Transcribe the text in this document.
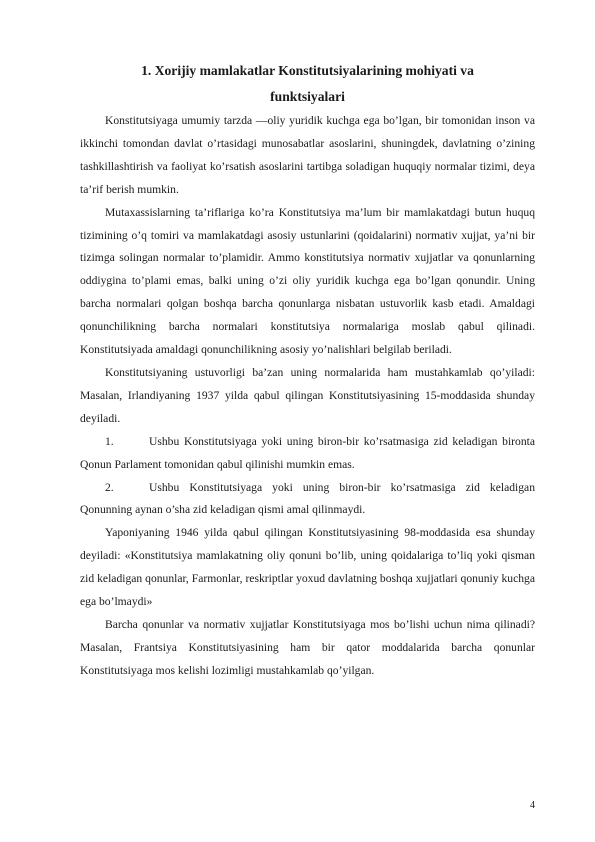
1. Xorijiy mamlakatlar Konstitutsiyalarining mohiyati va

funktsiyalari

Konstitutsiyaga umumiy tarzda ―oliy yuridik kuchga ega bo’lgan, bir tomonidan inson va ikkinchi tomondan davlat o’rtasidagi munosabatlar asoslarini, shuningdek, davlatning o’zining tashkillashtirish va faoliyat ko’rsatish asoslarini tartibga soladigan huquqiy normalar tizimi, deya ta’rif berish mumkin.

Mutaxassislarning ta’riflariga ko’ra Konstitutsiya ma’lum bir mamlakatdagi butun huquq tizimining o’q tomiri va mamlakatdagi asosiy ustunlarini (qoidalarini) normativ xujjat, ya’ni bir tizimga solingan normalar to’plamidir. Ammo konstitutsiya normativ xujjatlar va qonunlarning oddiygina to’plami emas, balki uning o’zi oliy yuridik kuchga ega bo’lgan qonundir. Uning barcha normalari qolgan boshqa barcha qonunlarga nisbatan ustuvorlik kasb etadi. Amaldagi qonunchilikning barcha normalari konstitutsiya normalariga moslab qabul qilinadi. Konstitutsiyada amaldagi qonunchilikning asosiy yo’nalishlari belgilab beriladi.

Konstitutsiyaning ustuvorligi ba’zan uning normalarida ham mustahkamlab qo’yiladi: Masalan, Irlandiyaning 1937 yilda qabul qilingan Konstitutsiyasining 15-moddasida shunday deyiladi.

1.	Ushbu Konstitutsiyaga yoki uning biron-bir ko’rsatmasiga zid keladigan bironta Qonun Parlament tomonidan qabul qilinishi mumkin emas.

2.	Ushbu Konstitutsiyaga yoki uning biron-bir ko’rsatmasiga zid keladigan Qonunning aynan o’sha zid keladigan qismi amal qilinmaydi.

Yaponiyaning 1946 yilda qabul qilingan Konstitutsiyasining 98-moddasida esa shunday deyiladi: «Konstitutsiya mamlakatning oliy qonuni bo’lib, uning qoidalariga to’liq yoki qisman zid keladigan qonunlar, Farmonlar, reskriptlar yoxud davlatning boshqa xujjatlari qonuniy kuchga ega bo’lmaydi»

Barcha qonunlar va normativ xujjatlar Konstitutsiyaga mos bo’lishi uchun nima qilinadi? Masalan, Frantsiya Konstitutsiyasining ham bir qator moddalarida barcha qonunlar Konstitutsiyaga mos kelishi lozimligi mustahkamlab qo’yilgan.

4
